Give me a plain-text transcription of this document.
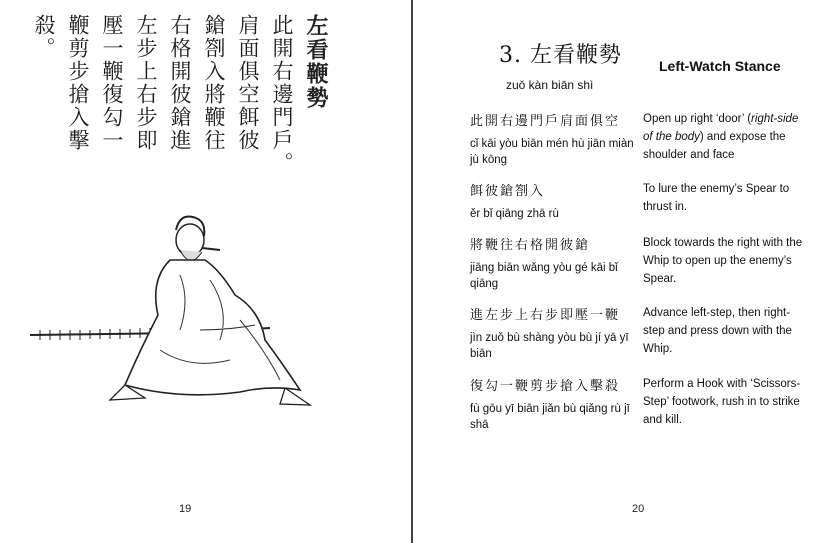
左看鞭勢
此開右邊門戶。
肩面俱空餌彼
鎗劄入將鞭往
右格開彼鎗進
左步上右步即
壓一鞭復勾一
鞭剪步搶入擊
殺。
19
3. 左看鞭勢
zuǒ kàn biān shì
Left-Watch Stance
此開右邊門戶肩面俱空
cǐ kāi yòu biān mén hù jiān miàn jù kōng
Open up right ‘door’ (right-side of the body) and expose the shoulder and face
餌彼鎗劄入
ěr bǐ qiāng zhā rù
To lure the enemy’s Spear to thrust in.
將鞭往右格開彼鎗
jiāng biān wǎng yòu gé kāi bǐ qiāng
Block towards the right with the Whip to open up the enemy’s Spear.
進左步上右步即壓一鞭
jìn zuǒ bù shàng yòu bù jí yā yī biān
Advance left-step, then right-step and press down with the Whip.
復勾一鞭剪步搶入擊殺
fù gōu yī biān jiǎn bù qiǎng rù jī shā
Perform a Hook with ‘Scissors-Step’ footwork, rush in to strike and kill.
20
